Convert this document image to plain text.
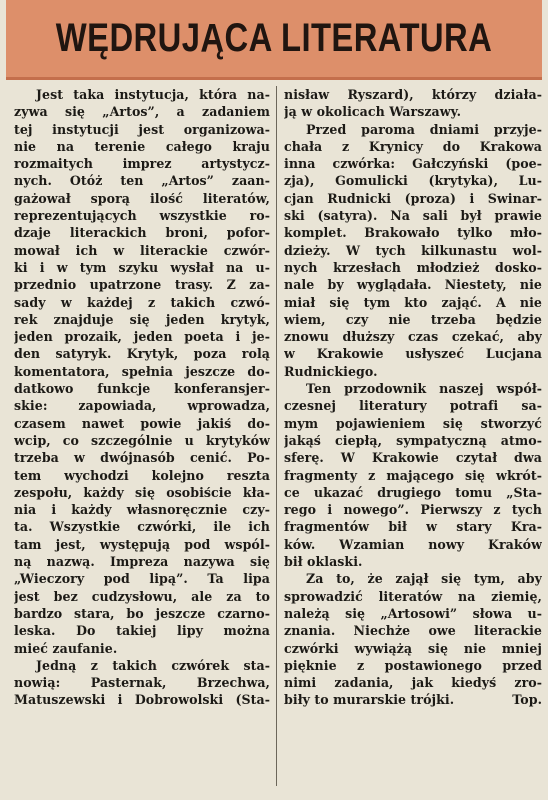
WĘDRUJĄCA LITERATURA
Jest taka instytucja, która na-
zywa się „Artos”, a zadaniem
tej instytucji jest organizowa-
nie na terenie całego kraju
rozmaitych imprez artystycz-
nych. Otóż ten „Artos” zaan-
gażował sporą ilość literatów,
reprezentujących wszystkie ro-
dzaje literackich broni, pofor-
mował ich w literackie czwór-
ki i w tym szyku wysłał na u-
przednio upatrzone trasy. Z za-
sady w każdej z takich czwó-
rek znajduje się jeden krytyk,
jeden prozaik, jeden poeta i je-
den satyryk. Krytyk, poza rolą
komentatora, spełnia jeszcze do-
datkowo funkcje konferansjer-
skie: zapowiada, wprowadza,
czasem nawet powie jakiś do-
wcip, co szczególnie u krytyków
trzeba w dwójnasób cenić. Po-
tem wychodzi kolejno reszta
zespołu, każdy się osobiście kła-
nia i każdy własnoręcznie czy-
ta. Wszystkie czwórki, ile ich
tam jest, występują pod wspól-
ną nazwą. Impreza nazywa się
„Wieczory pod lipą”. Ta lipa
jest bez cudzysłowu, ale za to
bardzo stara, bo jeszcze czarno-
leska. Do takiej lipy można
mieć zaufanie.
Jedną z takich czwórek sta-
nowią: Pasternak, Brzechwa,
Matuszewski i Dobrowolski (Sta-
nisław Ryszard), którzy działa-
ją w okolicach Warszawy.
Przed paroma dniami przyje-
chała z Krynicy do Krakowa
inna czwórka: Gałczyński (poe-
zja), Gomulicki (krytyka), Lu-
cjan Rudnicki (proza) i Swinar-
ski (satyra). Na sali był prawie
komplet. Brakowało tylko mło-
dzieży. W tych kilkunastu wol-
nych krzesłach młodzież dosko-
nale by wyglądała. Niestety, nie
miał się tym kto zająć. A nie
wiem, czy nie trzeba będzie
znowu dłuższy czas czekać, aby
w Krakowie usłyszeć Lucjana
Rudnickiego.
Ten przodownik naszej współ-
czesnej literatury potrafi sa-
mym pojawieniem się stworzyć
jakąś ciepłą, sympatyczną atmo-
sferę. W Krakowie czytał dwa
fragmenty z mającego się wkrót-
ce ukazać drugiego tomu „Sta-
rego i nowego”. Pierwszy z tych
fragmentów bił w stary Kra-
ków. Wzamian nowy Kraków
bił oklaski.
Za to, że zajął się tym, aby
sprowadzić literatów na ziemię,
należą się „Artosowi” słowa u-
znania. Niechże owe literackie
czwórki wywiążą się nie mniej
pięknie z postawionego przed
nimi zadania, jak kiedyś zro-
Top.
biły to murarskie trójki.
